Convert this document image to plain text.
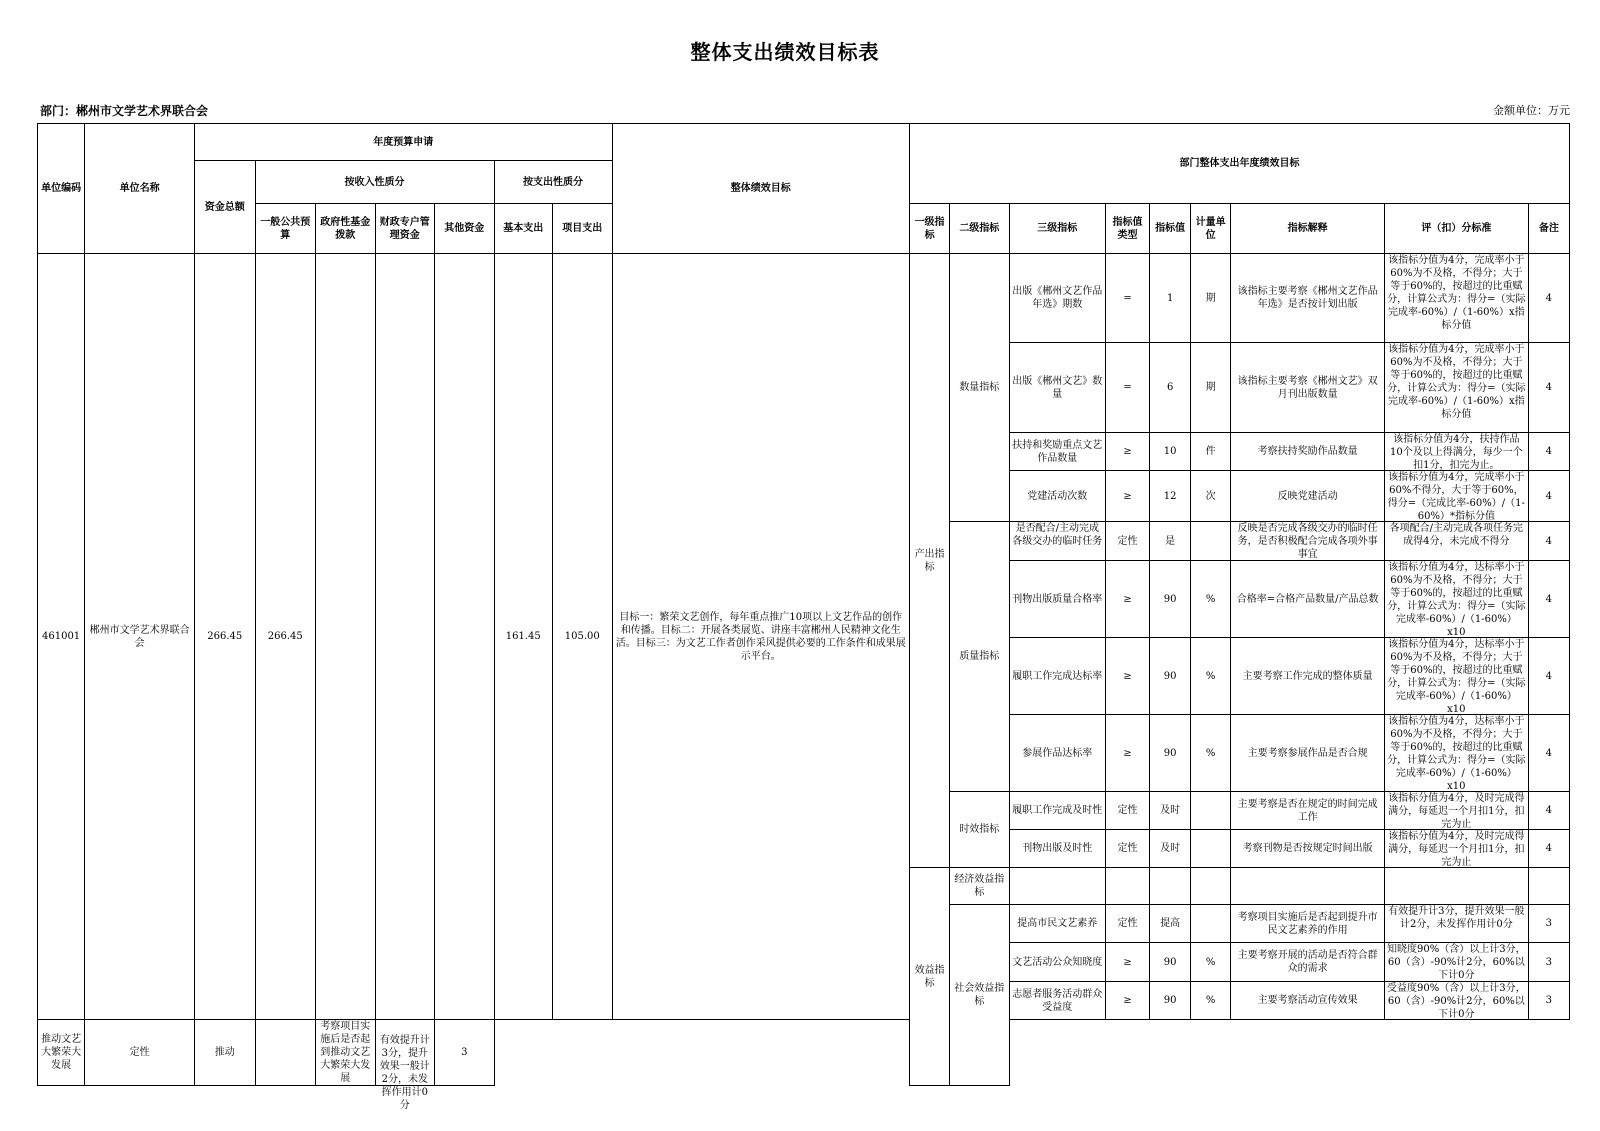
整体支出绩效目标表
部门：郴州市文学艺术界联合会	金额单位：万元
单位编码	单位名称	年度预算申请							整体绩效目标	部门整体支出年度绩效目标								
		资金总额	按收入性质分				按支出性质分											
			一般公共预算	政府性基金拨款	财政专户管理资金	其他资金	基本支出	项目支出		一级指标	二级指标	三级指标	指标值类型	指标值	计量单位	指标解释	评（扣）分标准	备注
461001	郴州市文学艺术界联合会	266.45	266.45				161.45	105.00	目标一：繁荣文艺创作，每年重点推广10项以上文艺作品的创作和传播。目标二：开展各类展览、讲座丰富郴州人民精神文化生活。目标三：为文艺工作者创作采风提供必要的工作条件和成果展示平台。	产出指标	数量指标	出版《郴州文艺作品年选》期数	=	1	期	该指标主要考察《郴州文艺作品年选》是否按计划出版	该指标分值为4分，完成率小于60%为不及格，不得分；大于等于60%的，按超过的比重赋分，计算公式为：得分=（实际完成率-60%）/（1-60%）x指标分值	4
												出版《郴州文艺》数量	=	6	期	该指标主要考察《郴州文艺》双月刊出版数量	该指标分值为4分，完成率小于60%为不及格，不得分；大于等于60%的，按超过的比重赋分，计算公式为：得分=（实际完成率-60%）/（1-60%）x指标分值	4
												扶持和奖励重点文艺作品数量	≥	10	件	考察扶持奖励作品数量	该指标分值为4分，扶持作品10个及以上得满分，每少一个扣1分，扣完为止。	4
												党建活动次数	≥	12	次	反映党建活动	该指标分值为4分，完成率小于60%不得分，大于等于60%，得分=（完成比率-60%）/（1-60%）*指标分值	4
											质量指标	是否配合/主动完成各级交办的临时任务	定性	是		反映是否完成各级交办的临时任务，是否积极配合完成各项外事事宜	各项配合/主动完成各项任务完成得4分，未完成不得分	4
												刊物出版质量合格率	≥	90	%	合格率=合格产品数量/产品总数	该指标分值为4分，达标率小于60%为不及格，不得分；大于等于60%的，按超过的比重赋分，计算公式为：得分=（实际完成率-60%）/（1-60%）x10	4
												履职工作完成达标率	≥	90	%	主要考察工作完成的整体质量	该指标分值为4分，达标率小于60%为不及格，不得分；大于等于60%的，按超过的比重赋分，计算公式为：得分=（实际完成率-60%）/（1-60%）x10	4
												参展作品达标率	≥	90	%	主要考察参展作品是否合规	该指标分值为4分，达标率小于60%为不及格，不得分；大于等于60%的，按超过的比重赋分，计算公式为：得分=（实际完成率-60%）/（1-60%）x10	4
											时效指标	履职工作完成及时性	定性	及时		主要考察是否在规定的时间完成工作	该指标分值为4分，及时完成得满分，每延迟一个月扣1分，扣完为止	4
												刊物出版及时性	定性	及时		考察刊物是否按规定时间出版	该指标分值为4分，及时完成得满分，每延迟一个月扣1分，扣完为止	4
										效益指标	经济效益指标							
											社会效益指标	提高市民文艺素养	定性	提高		考察项目实施后是否起到提升市民文艺素养的作用	有效提升计3分，提升效果一般计2分，未发挥作用计0分	3
												文艺活动公众知晓度	≥	90	%	主要考察开展的活动是否符合群众的需求	知晓度90%（含）以上计3分，60（含）-90%计2分，60%以下计0分	3
												志愿者服务活动群众受益度	≥	90	%	主要考察活动宣传效果	受益度90%（含）以上计3分，60（含）-90%计2分，60%以下计0分	3
推动文艺大繁荣大发展	定性	推动		考察项目实施后是否起到推动文艺大繁荣大发展	有效提升计3分，提升效果一般计2分，未发挥作用计0分	3												
